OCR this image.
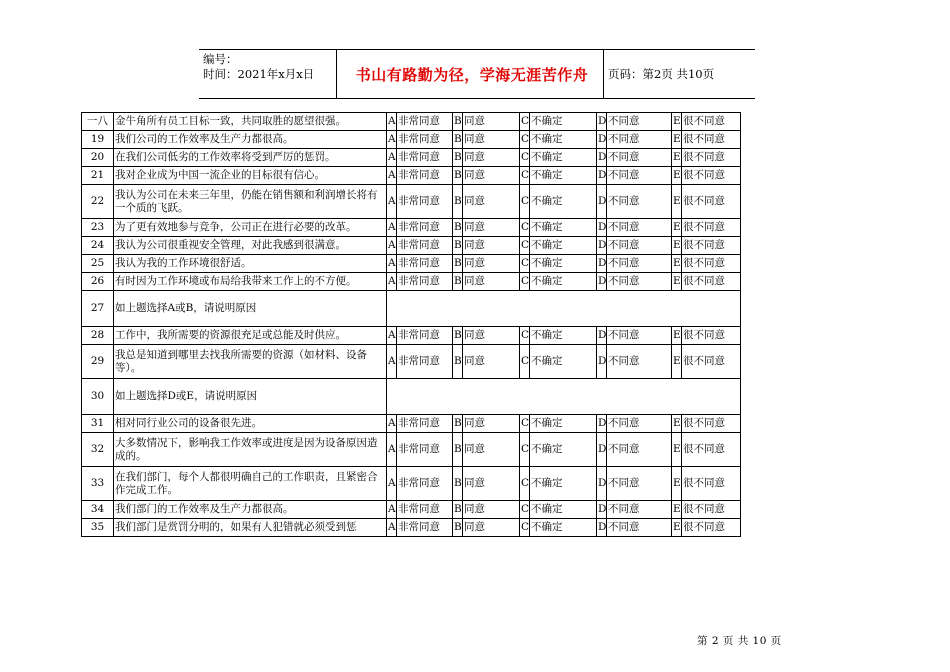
编号：
时间：2021年x月x日	书山有路勤为径，学海无涯苦作舟	页码：第2页 共10页
一八	金牛角所有员工目标一致，共同取胜的愿望很强。	A	非常同意	B	同意	C	不确定	D	不同意	E	很不同意
19	我们公司的工作效率及生产力都很高。	A	非常同意	B	同意	C	不确定	D	不同意	E	很不同意
20	在我们公司低劣的工作效率将受到严厉的惩罚。	A	非常同意	B	同意	C	不确定	D	不同意	E	很不同意
21	我对企业成为中国一流企业的目标很有信心。	A	非常同意	B	同意	C	不确定	D	不同意	E	很不同意
22	我认为公司在未来三年里，仍能在销售额和利润增长将有一个质的飞跃。	A	非常同意	B	同意	C	不确定	D	不同意	E	很不同意
23	为了更有效地参与竞争，公司正在进行必要的改革。	A	非常同意	B	同意	C	不确定	D	不同意	E	很不同意
24	我认为公司很重视安全管理，对此我感到很满意。	A	非常同意	B	同意	C	不确定	D	不同意	E	很不同意
25	我认为我的工作环境很舒适。	A	非常同意	B	同意	C	不确定	D	不同意	E	很不同意
26	有时因为工作环境或布局给我带来工作上的不方便。	A	非常同意	B	同意	C	不确定	D	不同意	E	很不同意
27	如上题选择A或B，请说明原因										
28	工作中，我所需要的资源很充足或总能及时供应。	A	非常同意	B	同意	C	不确定	D	不同意	E	很不同意
29	我总是知道到哪里去找我所需要的资源（如材料、设备等）。	A	非常同意	B	同意	C	不确定	D	不同意	E	很不同意
30	如上题选择D或E，请说明原因										
31	相对同行业公司的设备很先进。	A	非常同意	B	同意	C	不确定	D	不同意	E	很不同意
32	大多数情况下，影响我工作效率或进度是因为设备原因造成的。	A	非常同意	B	同意	C	不确定	D	不同意	E	很不同意
33	在我们部门，每个人都很明确自己的工作职责，且紧密合作完成工作。	A	非常同意	B	同意	C	不确定	D	不同意	E	很不同意
34	我们部门的工作效率及生产力都很高。	A	非常同意	B	同意	C	不确定	D	不同意	E	很不同意
35	我们部门是赏罚分明的，如果有人犯错就必须受到惩	A	非常同意	B	同意	C	不确定	D	不同意	E	很不同意
第 2 页 共 10 页
